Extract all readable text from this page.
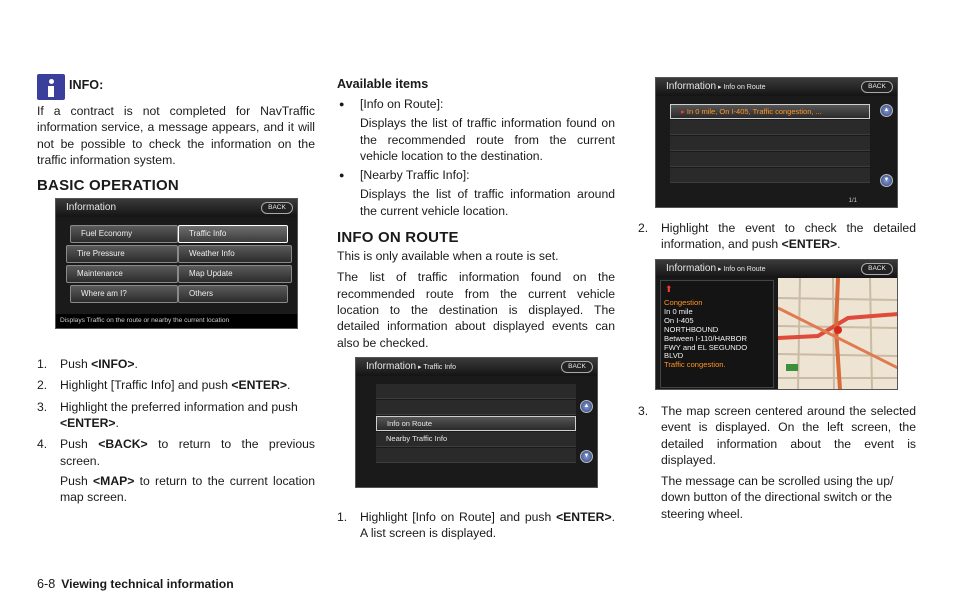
INFO:

If a contract is not completed for NavTraffic information service, a message appears, and it will not be possible to check the information on the traffic information system.

BASIC OPERATION
1.	Push <INFO>.
2.	Highlight [Traffic Info] and push <ENTER>.
3.	Highlight the preferred information and push <ENTER>.
4.	Push <BACK> to return to the previous screen.

Push <MAP> to return to the current location map screen.

Information	BACK
Fuel Economy
Tire Pressure
Maintenance
Where am I?
Traffic Info
Weather Info
Map Update
Others
Displays Traffic on the route or nearby the current location
Available items
●	[Info on Route]:

Displays the list of traffic information found on the recommended route from the current vehicle location to the destination.

●	[Nearby Traffic Info]:

Displays the list of traffic information around the current vehicle location.

INFO ON ROUTE

This is only available when a route is set.

The list of traffic information found on the recommended route from the current vehicle location to the destination is displayed. The detailed information about displayed events can also be checked.

1.	Highlight [Info on Route] and push <ENTER>. A list screen is displayed.
Information ▸ Traffic Info	BACK
Info on Route
Nearby Traffic Info
▲
▼
Information ▸ Info on Route	BACK
▸ In 0 mile, On I-405, Traffic congestion, ...	▲
▼
1/1
2.	Highlight the event to check the detailed information, and push <ENTER>.
Information ▸ Info on Route	BACK
⬆
Congestion
In 0 mile
On I-405
NORTHBOUND
Between I-110/HARBOR
FWY and EL SEGUNDO
BLVD
Traffic congestion.
3.	The map screen centered around the selected event is displayed. On the left screen, the detailed information about the event is displayed.

The message can be scrolled using the up/ down button of the directional switch or the steering wheel.

6-8 Viewing technical information
